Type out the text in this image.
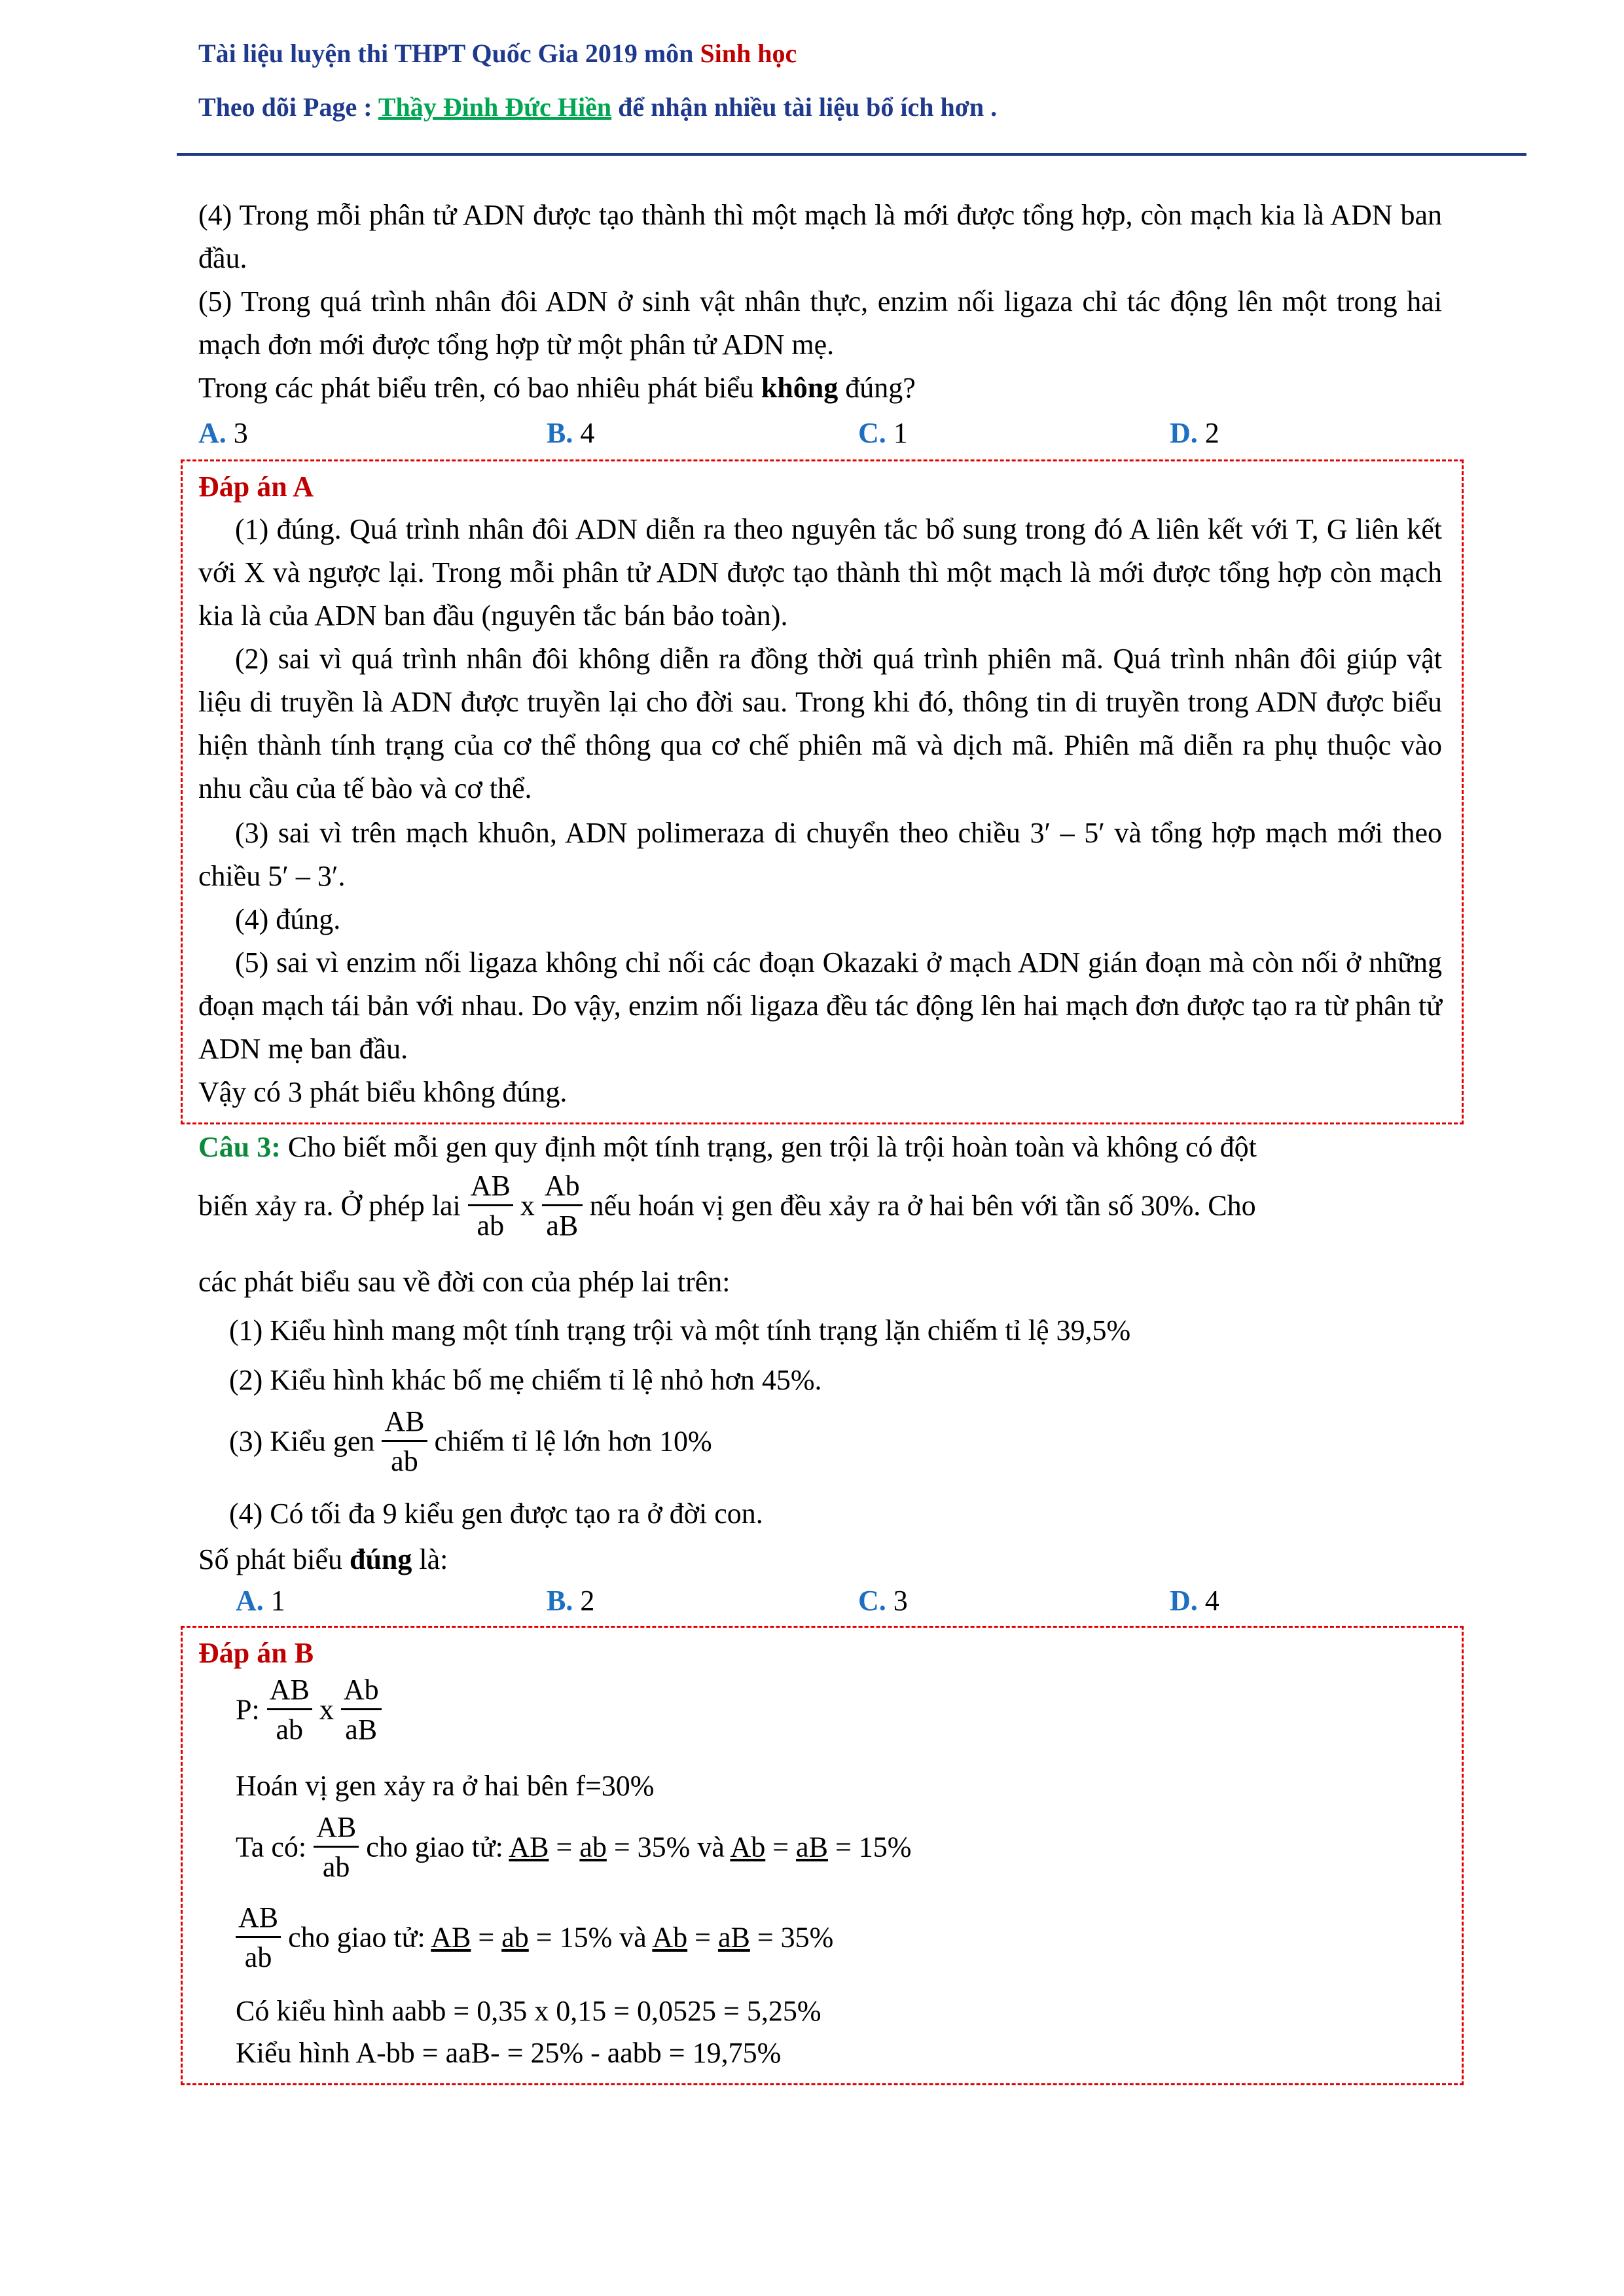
Tài liệu luyện thi THPT Quốc Gia 2019 môn Sinh học
Theo dõi Page : Thầy Đinh Đức Hiền để nhận nhiều tài liệu bổ ích hơn .
(4) Trong mỗi phân tử ADN được tạo thành thì một mạch là mới được tổng hợp, còn mạch kia là ADN ban đầu.
(5) Trong quá trình nhân đôi ADN ở sinh vật nhân thực, enzim nối ligaza chỉ tác động lên một trong hai mạch đơn mới được tổng hợp từ một phân tử ADN mẹ.
Trong các phát biểu trên, có bao nhiêu phát biểu không đúng?
A. 3	B. 4	C. 1	D. 2
Đáp án A
(1) đúng. Quá trình nhân đôi ADN diễn ra theo nguyên tắc bổ sung trong đó A liên kết với T, G liên kết với X và ngược lại. Trong mỗi phân tử ADN được tạo thành thì một mạch là mới được tổng hợp còn mạch kia là của ADN ban đầu (nguyên tắc bán bảo toàn).
(2) sai vì quá trình nhân đôi không diễn ra đồng thời quá trình phiên mã. Quá trình nhân đôi giúp vật liệu di truyền là ADN được truyền lại cho đời sau. Trong khi đó, thông tin di truyền trong ADN được biểu hiện thành tính trạng của cơ thể thông qua cơ chế phiên mã và dịch mã. Phiên mã diễn ra phụ thuộc vào nhu cầu của tế bào và cơ thể.
(3) sai vì trên mạch khuôn, ADN polimeraza di chuyển theo chiều 3′ – 5′ và tổng hợp mạch mới theo chiều 5′ – 3′.
(4) đúng.
(5) sai vì enzim nối ligaza không chỉ nối các đoạn Okazaki ở mạch ADN gián đoạn mà còn nối ở những đoạn mạch tái bản với nhau. Do vậy, enzim nối ligaza đều tác động lên hai mạch đơn được tạo ra từ phân tử ADN mẹ ban đầu.
Vậy có 3 phát biểu không đúng.
Câu 3: Cho biết mỗi gen quy định một tính trạng, gen trội là trội hoàn toàn và không có đột
biến xảy ra. Ở phép lai $\frac{AB}{ab}$ x $\frac{Ab}{aB}$ nếu hoán vị gen đều xảy ra ở hai bên với tần số 30%. Cho
các phát biểu sau về đời con của phép lai trên:
(1) Kiểu hình mang một tính trạng trội và một tính trạng lặn chiếm tỉ lệ 39,5%
(2) Kiểu hình khác bố mẹ chiếm tỉ lệ nhỏ hơn 45%.
(3) Kiểu gen $\frac{AB}{ab}$ chiếm tỉ lệ lớn hơn 10%
(4) Có tối đa 9 kiểu gen được tạo ra ở đời con.
Số phát biểu đúng là:
A. 1	B. 2	C. 3	D. 4
Đáp án B
P: $\frac{AB}{ab}$ x $\frac{Ab}{aB}$
Hoán vị gen xảy ra ở hai bên f=30%
Ta có: $\frac{AB}{ab}$ cho giao tử: AB = ab = 35% và Ab = aB = 15%
$\frac{AB}{ab}$ cho giao tử: AB = ab = 15% và Ab = aB = 35%
Có kiểu hình aabb = 0,35 x 0,15 = 0,0525 = 5,25%
Kiểu hình A-bb = aaB- = 25% - aabb = 19,75%
